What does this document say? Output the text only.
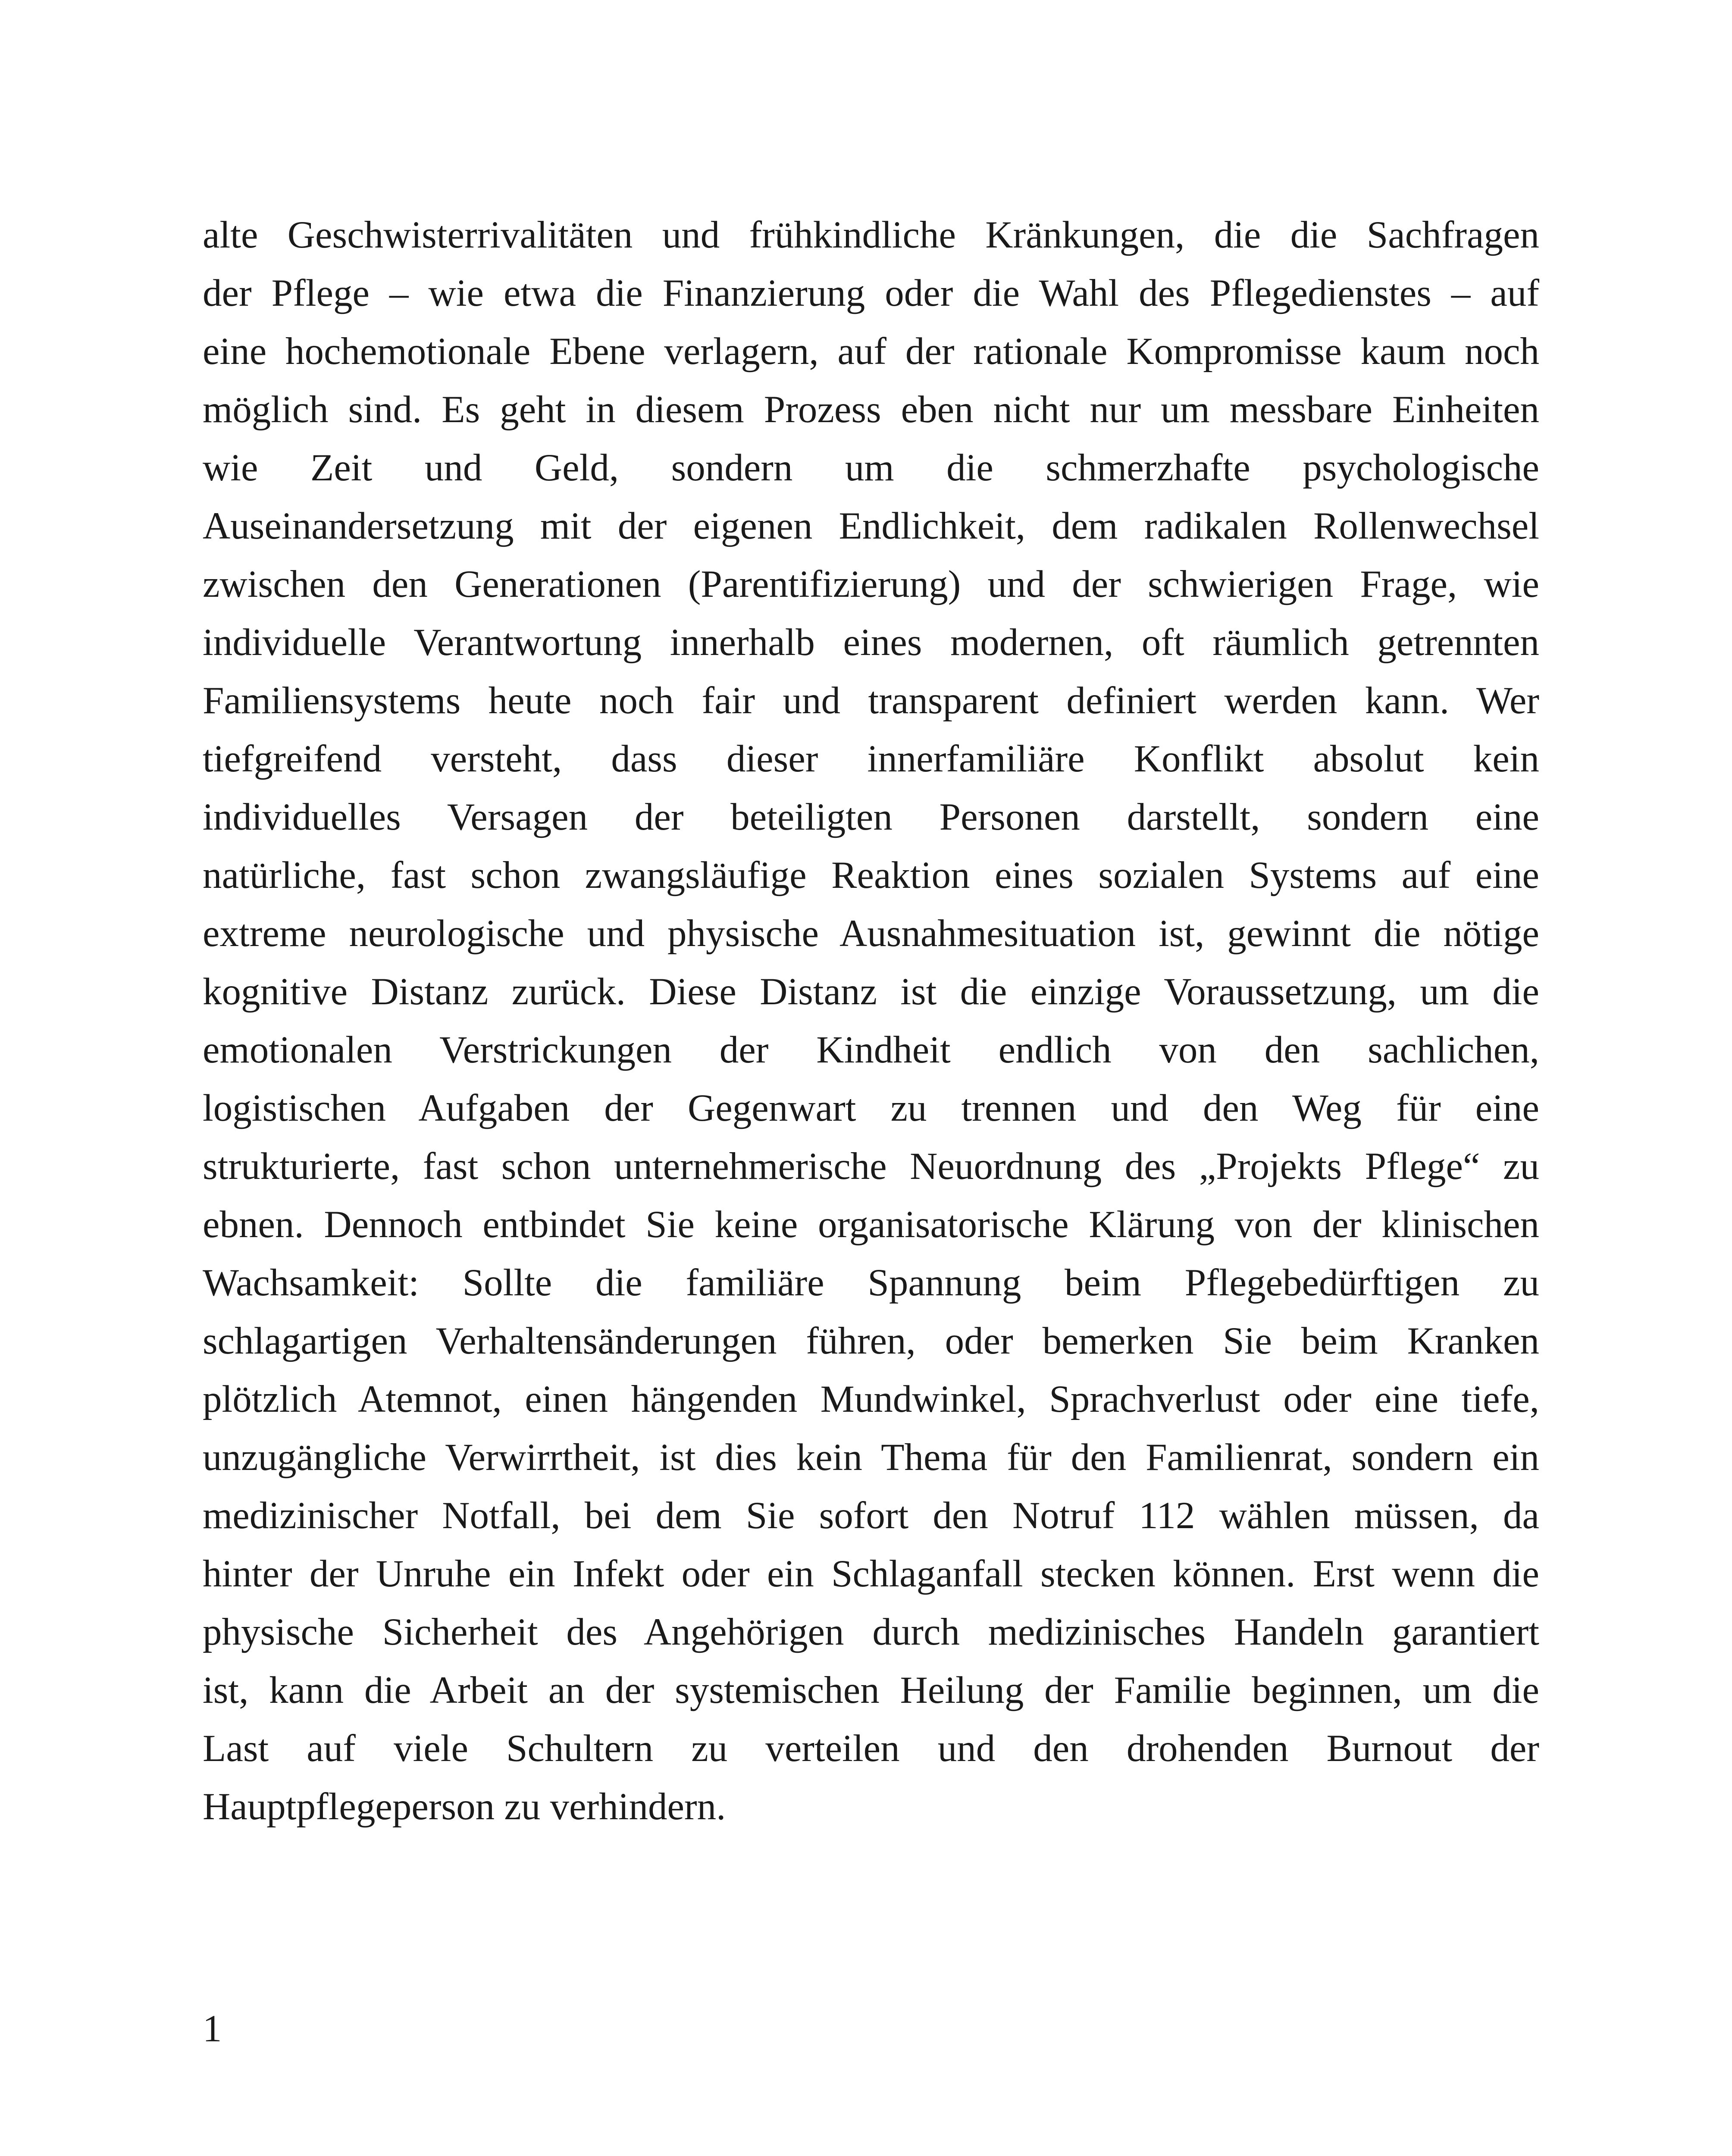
alte Geschwisterrivalitäten und frühkindliche Kränkungen, die die Sachfragen
der Pflege – wie etwa die Finanzierung oder die Wahl des Pflegedienstes – auf
eine hochemotionale Ebene verlagern, auf der rationale Kompromisse kaum noch
möglich sind. Es geht in diesem Prozess eben nicht nur um messbare Einheiten
wie Zeit und Geld, sondern um die schmerzhafte psychologische
Auseinandersetzung mit der eigenen Endlichkeit, dem radikalen Rollenwechsel
zwischen den Generationen (Parentifizierung) und der schwierigen Frage, wie
individuelle Verantwortung innerhalb eines modernen, oft räumlich getrennten
Familiensystems heute noch fair und transparent definiert werden kann. Wer
tiefgreifend versteht, dass dieser innerfamiliäre Konflikt absolut kein
individuelles Versagen der beteiligten Personen darstellt, sondern eine
natürliche, fast schon zwangsläufige Reaktion eines sozialen Systems auf eine
extreme neurologische und physische Ausnahmesituation ist, gewinnt die nötige
kognitive Distanz zurück. Diese Distanz ist die einzige Voraussetzung, um die
emotionalen Verstrickungen der Kindheit endlich von den sachlichen,
logistischen Aufgaben der Gegenwart zu trennen und den Weg für eine
strukturierte, fast schon unternehmerische Neuordnung des „Projekts Pflege“ zu
ebnen. Dennoch entbindet Sie keine organisatorische Klärung von der klinischen
Wachsamkeit: Sollte die familiäre Spannung beim Pflegebedürftigen zu
schlagartigen Verhaltensänderungen führen, oder bemerken Sie beim Kranken
plötzlich Atemnot, einen hängenden Mundwinkel, Sprachverlust oder eine tiefe,
unzugängliche Verwirrtheit, ist dies kein Thema für den Familienrat, sondern ein
medizinischer Notfall, bei dem Sie sofort den Notruf 112 wählen müssen, da
hinter der Unruhe ein Infekt oder ein Schlaganfall stecken können. Erst wenn die
physische Sicherheit des Angehörigen durch medizinisches Handeln garantiert
ist, kann die Arbeit an der systemischen Heilung der Familie beginnen, um die
Last auf viele Schultern zu verteilen und den drohenden Burnout der
Hauptpflegeperson zu verhindern.
1
